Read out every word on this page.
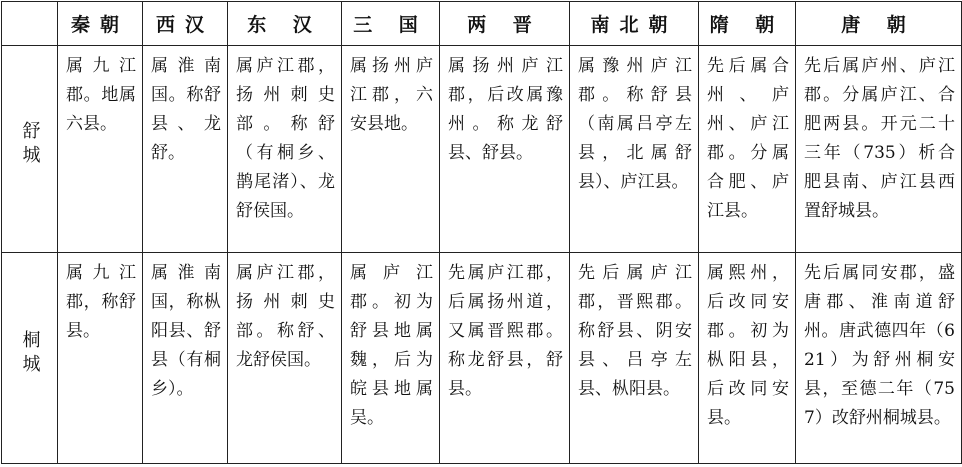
	秦朝	西汉	东 汉	三 国	两 晋	南北朝	隋 朝	唐 朝
舒城	属九江郡。地属六县。	属淮南国。称舒县、龙舒。	属庐江郡，扬州刺史部。称舒（有桐乡、鹊尾渚）、龙舒侯国。	属扬州庐江郡，六安县地。	属扬州庐江郡，后改属豫州。称龙舒县、舒县。	属豫州庐江郡。称舒县（南属吕亭左县，北属舒县）、庐江县。	先后属合州、庐州、庐江郡。分属合肥、庐江县。	先后属庐州、庐江郡。分属庐江、合肥两县。开元二十三年（735）析合肥县南、庐江县西置舒城县。
桐城	属九江郡，称舒县。	属淮南国，称枞阳县、舒县（有桐乡）。	属庐江郡，扬州刺史部。称舒、龙舒侯国。	属庐江郡。初为舒县地属魏，后为皖县地属吴。	先属庐江郡，后属扬州道，又属晋熙郡。称龙舒县，舒县。	先后属庐江郡，晋熙郡。称舒县、阴安县、吕亭左县、枞阳县。	属熙州，后改同安郡。初为枞阳县，后改同安县。	先后属同安郡，盛唐郡、淮南道舒州。唐武德四年（621）为舒州桐安县，至德二年（757）改舒州桐城县。
